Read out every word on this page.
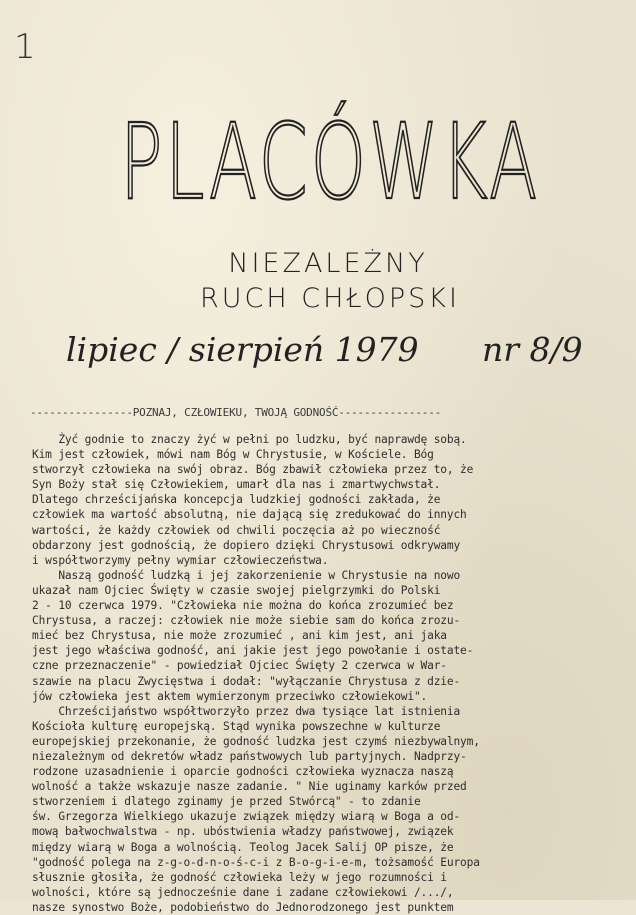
1
PLACÓWKA
NIEZALEŻNY
RUCH CHŁOPSKI
lipiec / sierpień 1979 nr 8/9
----------------POZNAJ, CZŁOWIEKU, TWOJĄ GODNOŚĆ----------------
Żyć godnie to znaczy żyć w pełni po ludzku, być naprawdę sobą.
Kim jest człowiek, mówi nam Bóg w Chrystusie, w Kościele. Bóg
stworzył człowieka na swój obraz. Bóg zbawił człowieka przez to, że
Syn Boży stał się Człowiekiem, umarł dla nas i zmartwychwstał.
Dlatego chrześcijańska koncepcja ludzkiej godności zakłada, że
człowiek ma wartość absolutną, nie dającą się zredukować do innych
wartości, że każdy człowiek od chwili poczęcia aż po wieczność
obdarzony jest godnością, że dopiero dzięki Chrystusowi odkrywamy
i współtworzymy pełny wymiar człowieczeństwa.
Naszą godność ludzką i jej zakorzenienie w Chrystusie na nowo
ukazał nam Ojciec Święty w czasie swojej pielgrzymki do Polski
2 - 10 czerwca 1979. "Człowieka nie można do końca zrozumieć bez
Chrystusa, a raczej: człowiek nie może siebie sam do końca zrozu-
mieć bez Chrystusa, nie może zrozumieć , ani kim jest, ani jaka
jest jego właściwa godność, ani jakie jest jego powołanie i ostate-
czne przeznaczenie" - powiedział Ojciec Święty 2 czerwca w War-
szawie na placu Zwycięstwa i dodał: "wyłączanie Chrystusa z dzie-
jów człowieka jest aktem wymierzonym przeciwko człowiekowi".
Chrześcijaństwo współtworzyło przez dwa tysiące lat istnienia
Kościoła kulturę europejską. Stąd wynika powszechne w kulturze
europejskiej przekonanie, że godność ludzka jest czymś niezbywalnym,
niezależnym od dekretów władz państwowych lub partyjnych. Nadprzy-
rodzone uzasadnienie i oparcie godności człowieka wyznacza naszą
wolność a także wskazuje nasze zadanie. " Nie uginamy karków przed
stworzeniem i dlatego zginamy je przed Stwórcą" - to zdanie
św. Grzegorza Wielkiego ukazuje związek między wiarą w Boga a od-
mową bałwochwalstwa - np. ubóstwienia władzy państwowej, związek
między wiarą w Boga a wolnością. Teolog Jacek Salij OP pisze, że
"godność polega na z-g-o-d-n-o-ś-c-i z B-o-g-i-e-m, tożsamość Europa
słusznie głosiła, że godność człowieka leży w jego rozumności i
wolności, które są jednocześnie dane i zadane człowiekowi /.../,
nasze synostwo Boże, podobieństwo do Jednorodzonego jest punktem
